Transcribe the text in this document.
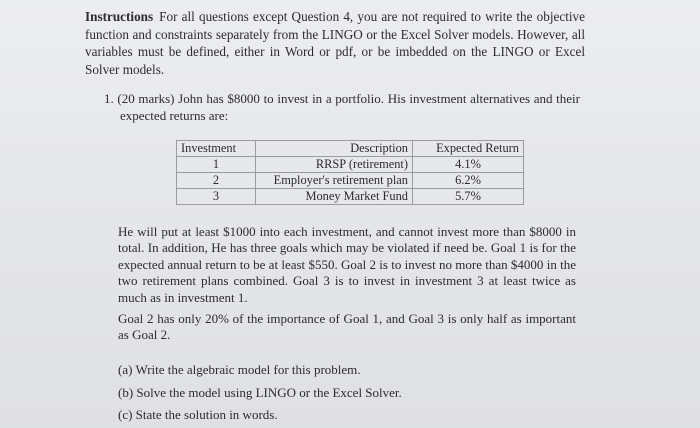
Instructions For all questions except Question 4, you are not required to write the objective function and constraints separately from the LINGO or the Excel Solver models. However, all variables must be defined, either in Word or pdf, or be imbedded on the LINGO or Excel Solver models.
1. (20 marks) John has $8000 to invest in a portfolio. His investment alternatives and their expected returns are:
Investment	Description	Expected Return
1	RRSP (retirement)	4.1%
2	Employer's retirement plan	6.2%
3	Money Market Fund	5.7%
He will put at least $1000 into each investment, and cannot invest more than $8000 in total. In addition, He has three goals which may be violated if need be. Goal 1 is for the expected annual return to be at least $550. Goal 2 is to invest no more than $4000 in the two retirement plans combined. Goal 3 is to invest in investment 3 at least twice as much as in investment 1.
Goal 2 has only 20% of the importance of Goal 1, and Goal 3 is only half as important as Goal 2.
(a) Write the algebraic model for this problem.
(b) Solve the model using LINGO or the Excel Solver.
(c) State the solution in words.
